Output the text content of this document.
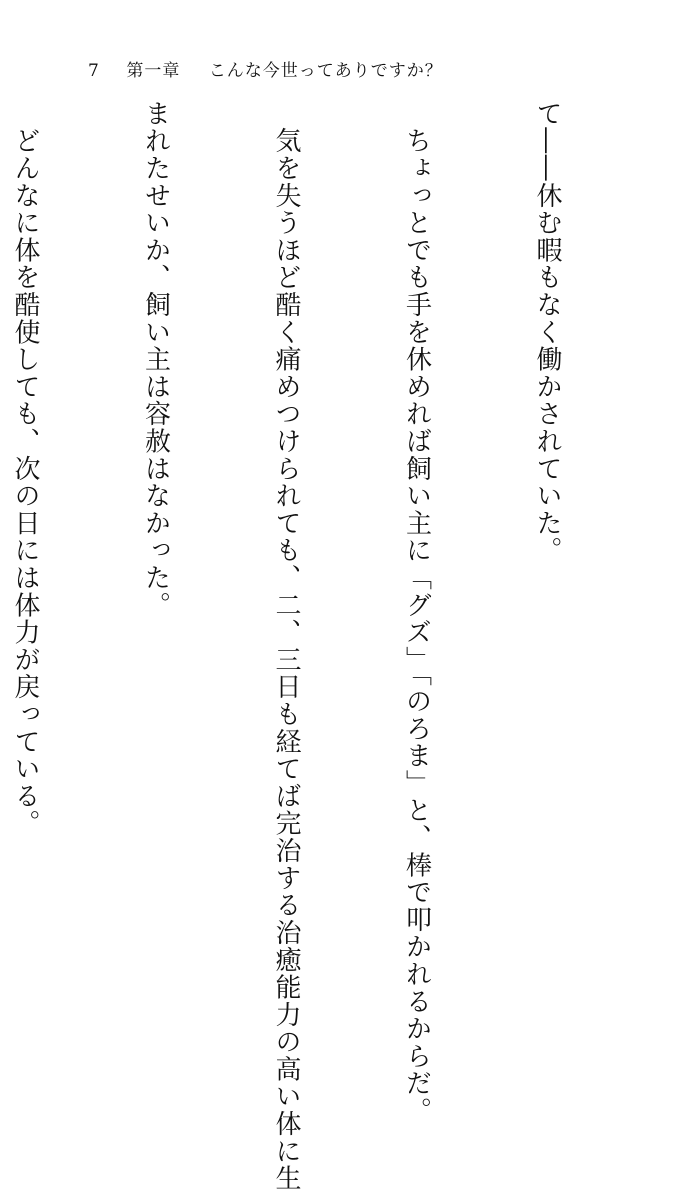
7 第一章 こんな今世ってありですか？

て――休む暇もなく働かされていた。

　ちょっとでも手を休めれば飼い主に「グズ」「のろま」と、棒で叩かれるからだ。

　気を失うほど酷く痛めつけられても、二、三日も経てば完治する治癒能力の高い体に生

まれたせいか、飼い主は容赦はなかった。

　どんなに体を酷使しても、次の日には体力が戻っている。
